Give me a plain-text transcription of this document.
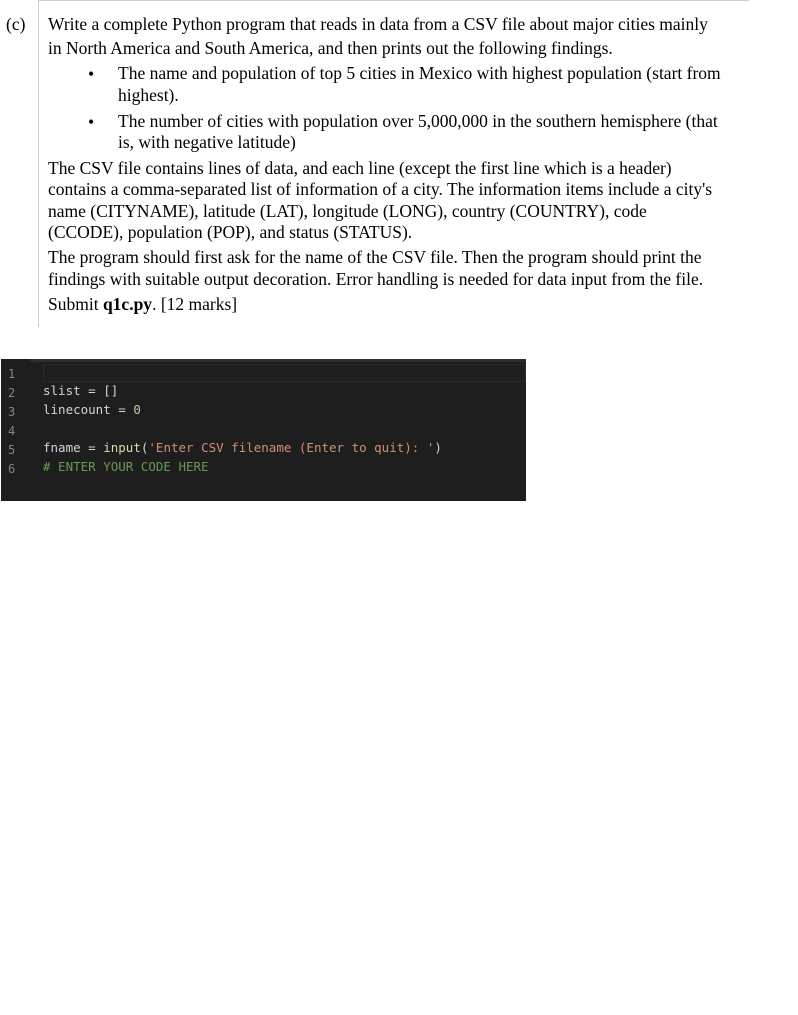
(c) Write a complete Python program that reads in data from a CSV file about major cities mainly
in North America and South America, and then prints out the following findings.
• The name and population of top 5 cities in Mexico with highest population (start from
highest).
• The number of cities with population over 5,000,000 in the southern hemisphere (that
is, with negative latitude)
The CSV file contains lines of data, and each line (except the first line which is a header)
contains a comma-separated list of information of a city. The information items include a city's
name (CITYNAME), latitude (LAT), longitude (LONG), country (COUNTRY), code
(CCODE), population (POP), and status (STATUS).
The program should first ask for the name of the CSV file. Then the program should print the
findings with suitable output decoration. Error handling is needed for data input from the file.
Submit q1c.py. [12 marks]
1
2
3
4
5
6
slist = []
linecount = 0
fname = input('Enter CSV filename (Enter to quit): ')
# ENTER YOUR CODE HERE
